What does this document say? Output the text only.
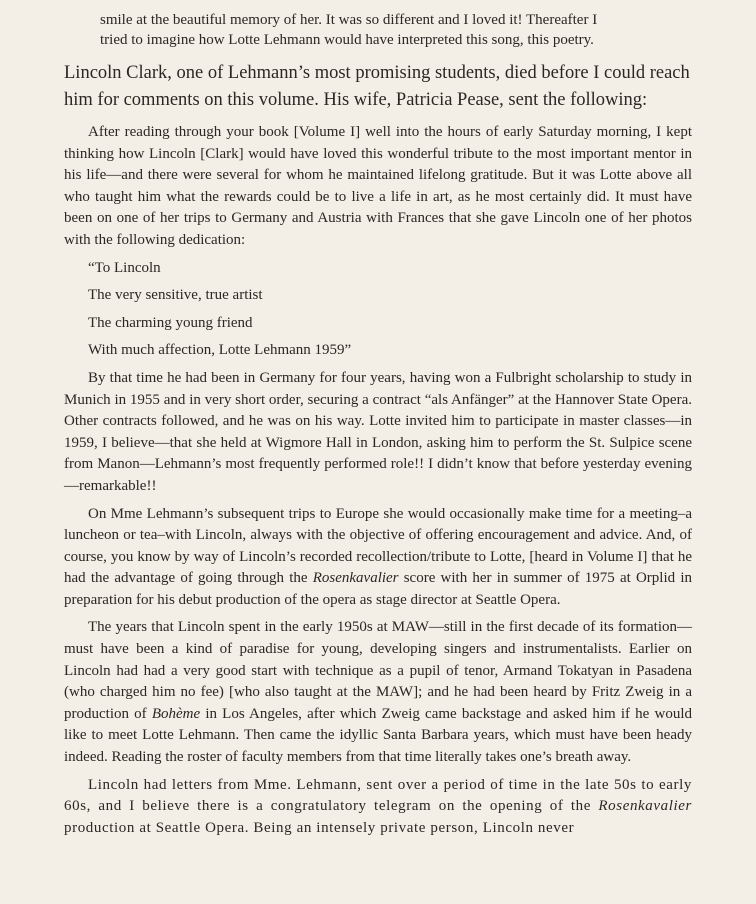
smile at the beautiful memory of her. It was so different and I loved it! Thereafter I
tried to imagine how Lotte Lehmann would have interpreted this song, this poetry.
Lincoln Clark, one of Lehmann’s most promising students, died before I could reach
him for comments on this volume. His wife, Patricia Pease, sent the following:

After reading through your book [Volume I] well into the hours of early Saturday morning, I kept thinking how Lincoln [Clark] would have loved this wonderful tribute to the most important mentor in his life—and there were several for whom he maintained lifelong gratitude. But it was Lotte above all who taught him what the rewards could be to live a life in art, as he most certainly did. It must have been on one of her trips to Germany and Austria with Frances that she gave Lincoln one of her photos with the following dedication:

“To Lincoln

The very sensitive, true artist

The charming young friend

With much affection, Lotte Lehmann 1959”

By that time he had been in Germany for four years, having won a Fulbright scholarship to study in Munich in 1955 and in very short order, securing a contract “als Anfänger” at the Hannover State Opera. Other contracts followed, and he was on his way. Lotte invited him to participate in master classes—in 1959, I believe—that she held at Wigmore Hall in London, asking him to perform the St. Sulpice scene from Manon—Lehmann’s most frequently performed role!! I didn’t know that before yesterday evening—remarkable!!

On Mme Lehmann’s subsequent trips to Europe she would occasionally make time for a meeting–a luncheon or tea–with Lincoln, always with the objective of offering encouragement and advice. And, of course, you know by way of Lincoln’s recorded recollection/tribute to Lotte, [heard in Volume I] that he had the advantage of going through the Rosenkavalier score with her in summer of 1975 at Orplid in preparation for his debut production of the opera as stage director at Seattle Opera.

The years that Lincoln spent in the early 1950s at MAW—still in the first decade of its formation—must have been a kind of paradise for young, developing singers and instrumentalists. Earlier on Lincoln had had a very good start with technique as a pupil of tenor, Armand Tokatyan in Pasadena (who charged him no fee) [who also taught at the MAW]; and he had been heard by Fritz Zweig in a production of Bohème in Los Angeles, after which Zweig came backstage and asked him if he would like to meet Lotte Lehmann. Then came the idyllic Santa Barbara years, which must have been heady indeed. Reading the roster of faculty members from that time literally takes one’s breath away.

Lincoln had letters from Mme. Lehmann, sent over a period of time in the late 50s to early 60s, and I believe there is a congratulatory telegram on the opening of the Rosenkavalier production at Seattle Opera. Being an intensely private person, Lincoln never
